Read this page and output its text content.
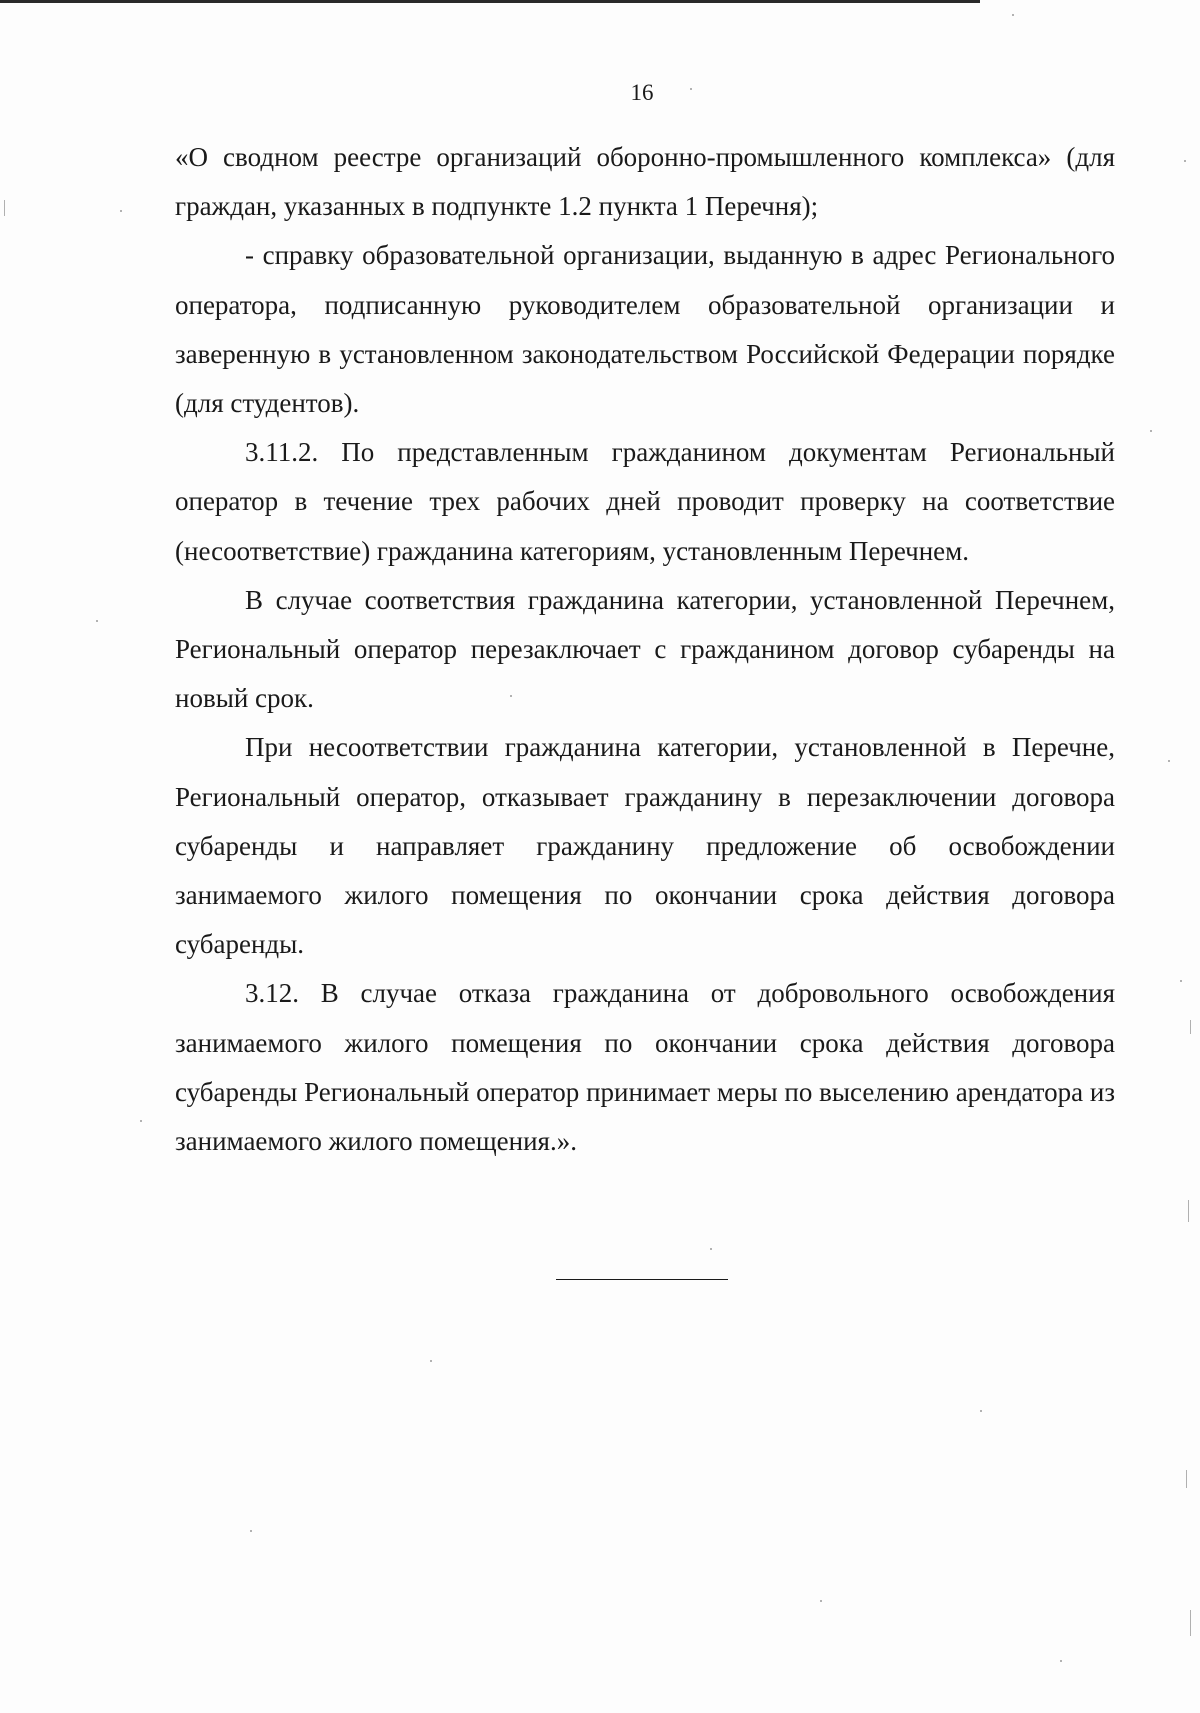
16

«О сводном реестре организаций оборонно-промышленного комплекса» (для граждан, указанных в подпункте 1.2 пункта 1 Перечня);

- справку образовательной организации, выданную в адрес Регионального оператора, подписанную руководителем образовательной организации и заверенную в установленном законодательством Российской Федерации порядке (для студентов).

3.11.2. По представленным гражданином документам Региональный оператор в течение трех рабочих дней проводит проверку на соответствие (несоответствие) гражданина категориям, установленным Перечнем.

В случае соответствия гражданина категории, установленной Перечнем, Региональный оператор перезаключает с гражданином договор субаренды на новый срок.

При несоответствии гражданина категории, установленной в Перечне, Региональный оператор, отказывает гражданину в перезаключении договора субаренды и направляет гражданину предложение об освобождении занимаемого жилого помещения по окончании срока действия договора субаренды.

3.12. В случае отказа гражданина от добровольного освобождения занимаемого жилого помещения по окончании срока действия договора субаренды Региональный оператор принимает меры по выселению арендатора из занимаемого жилого помещения.».
